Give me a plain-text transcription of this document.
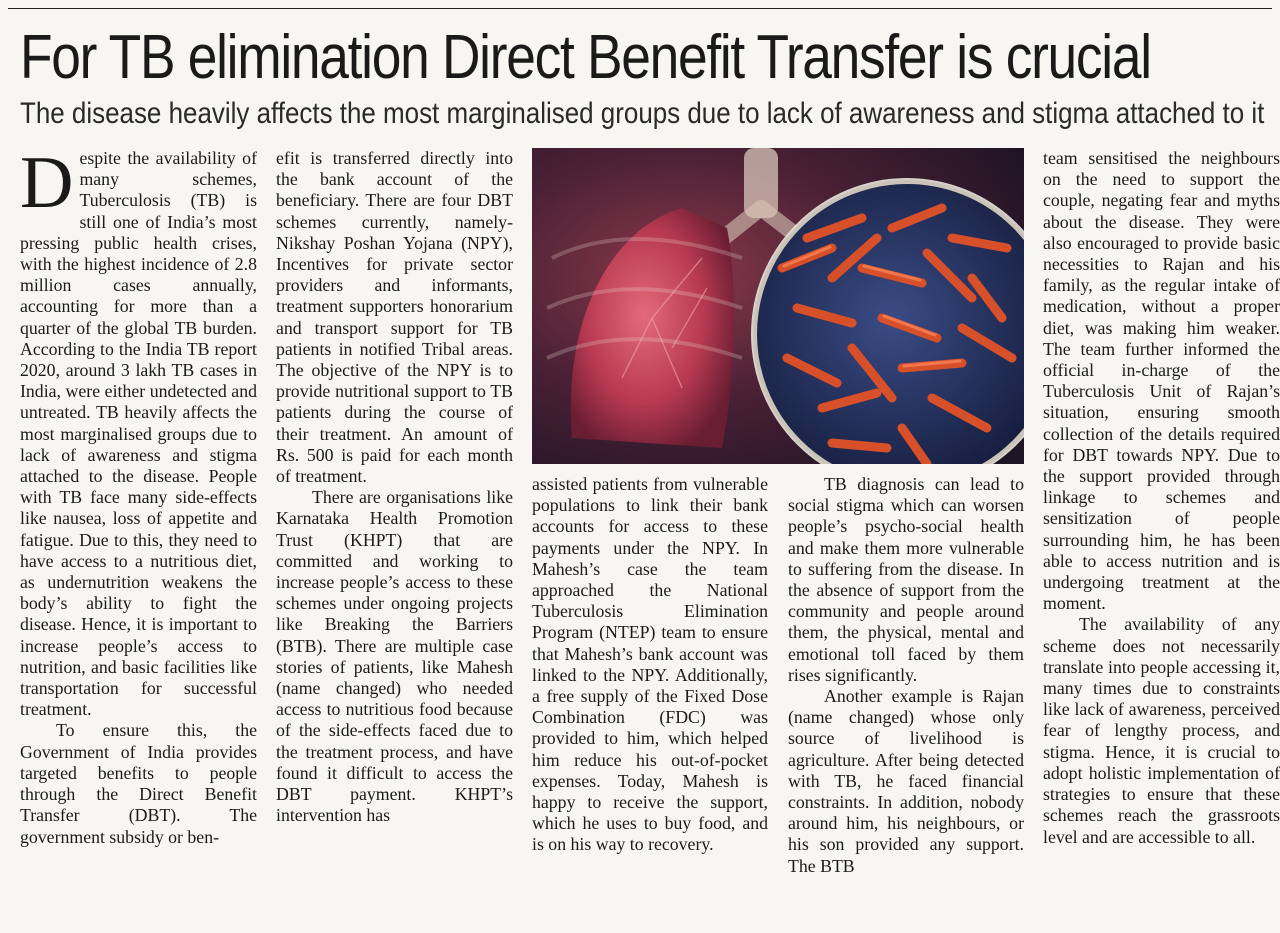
For TB elimination Direct Benefit Transfer is crucial
The disease heavily affects the most marginalised groups due to lack of awareness and stigma attached to it

Despite the availability of many schemes, Tuberculosis (TB) is still one of India’s most pressing public health crises, with the highest incidence of 2.8 million cases annually, accounting for more than a quarter of the global TB burden. According to the India TB report 2020, around 3 lakh TB cases in India, were either undetected and untreated. TB heavily affects the most marginalised groups due to lack of awareness and stigma attached to the disease. People with TB face many side-effects like nausea, loss of appetite and fatigue. Due to this, they need to have access to a nutritious diet, as undernutrition weakens the body’s ability to fight the disease. Hence, it is important to increase people’s access to nutrition, and basic facilities like transportation for successful treatment.

To ensure this, the Government of India provides targeted benefits to people through the Direct Benefit Transfer (DBT). The government subsidy or ben-

efit is transferred directly into the bank account of the beneficiary. There are four DBT schemes currently, namely- Nikshay Poshan Yojana (NPY), Incentives for private sector providers and informants, treatment supporters honorarium and transport support for TB patients in notified Tribal areas. The objective of the NPY is to provide nutritional support to TB patients during the course of their treatment. An amount of Rs. 500 is paid for each month of treatment.

There are organisations like Karnataka Health Promotion Trust (KHPT) that are committed and working to increase people’s access to these schemes under ongoing projects like Breaking the Barriers (BTB). There are multiple case stories of patients, like Mahesh (name changed) who needed access to nutritious food because of the side-effects faced due to the treatment process, and have found it difficult to access the DBT payment. KHPT’s intervention has

assisted patients from vulnerable populations to link their bank accounts for access to these payments under the NPY. In Mahesh’s case the team approached the National Tuberculosis Elimination Program (NTEP) team to ensure that Mahesh’s bank account was linked to the NPY. Additionally, a free supply of the Fixed Dose Combination (FDC) was provided to him, which helped him reduce his out-of-pocket expenses. Today, Mahesh is happy to receive the support, which he uses to buy food, and is on his way to recovery.

TB diagnosis can lead to social stigma which can worsen people’s psycho-social health and make them more vulnerable to suffering from the disease. In the absence of support from the community and people around them, the physical, mental and emotional toll faced by them rises significantly.

Another example is Rajan (name changed) whose only source of livelihood is agriculture. After being detected with TB, he faced financial constraints. In addition, nobody around him, his neighbours, or his son provided any support. The BTB

team sensitised the neighbours on the need to support the couple, negating fear and myths about the disease. They were also encouraged to provide basic necessities to Rajan and his family, as the regular intake of medication, without a proper diet, was making him weaker. The team further informed the official in-charge of the Tuberculosis Unit of Rajan’s situation, ensuring smooth collection of the details required for DBT towards NPY. Due to the support provided through linkage to schemes and sensitization of people surrounding him, he has been able to access nutrition and is undergoing treatment at the moment.

The availability of any scheme does not necessarily translate into people accessing it, many times due to constraints like lack of awareness, perceived fear of lengthy process, and stigma. Hence, it is crucial to adopt holistic implementation of strategies to ensure that these schemes reach the grassroots level and are accessible to all.
